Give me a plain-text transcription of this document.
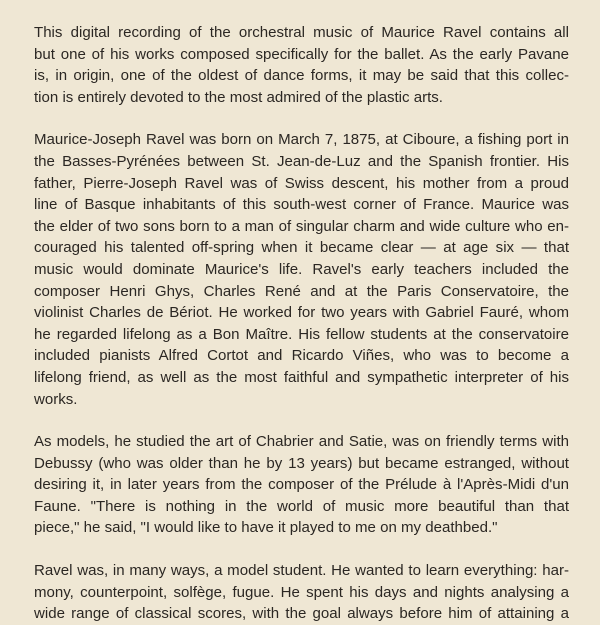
This digital recording of the orchestral music of Maurice Ravel contains all
but one of his works composed specifically for the ballet. As the early Pavane
is, in origin, one of the oldest of dance forms, it may be said that this collec-
tion is entirely devoted to the most admired of the plastic arts.
Maurice-Joseph Ravel was born on March 7, 1875, at Ciboure, a fishing port in
the Basses-Pyrénées between St. Jean-de-Luz and the Spanish frontier. His
father, Pierre-Joseph Ravel was of Swiss descent, his mother from a proud
line of Basque inhabitants of this south-west corner of France. Maurice was
the elder of two sons born to a man of singular charm and wide culture who en-
couraged his talented off-spring when it became clear — at age six — that
music would dominate Maurice's life. Ravel's early teachers included the
composer Henri Ghys, Charles René and at the Paris Conservatoire, the
violinist Charles de Bériot. He worked for two years with Gabriel Fauré, whom
he regarded lifelong as a Bon Maître. His fellow students at the conservatoire
included pianists Alfred Cortot and Ricardo Viñes, who was to become a
lifelong friend, as well as the most faithful and sympathetic interpreter of his
works.
As models, he studied the art of Chabrier and Satie, was on friendly terms with
Debussy (who was older than he by 13 years) but became estranged, without
desiring it, in later years from the composer of the Prélude à l'Après-Midi d'un
Faune. "There is nothing in the world of music more beautiful than that
piece," he said, "I would like to have it played to me on my deathbed."
Ravel was, in many ways, a model student. He wanted to learn everything: har-
mony, counterpoint, solfège, fugue. He spent his days and nights analysing a
wide range of classical scores, with the goal always before him of attaining a
